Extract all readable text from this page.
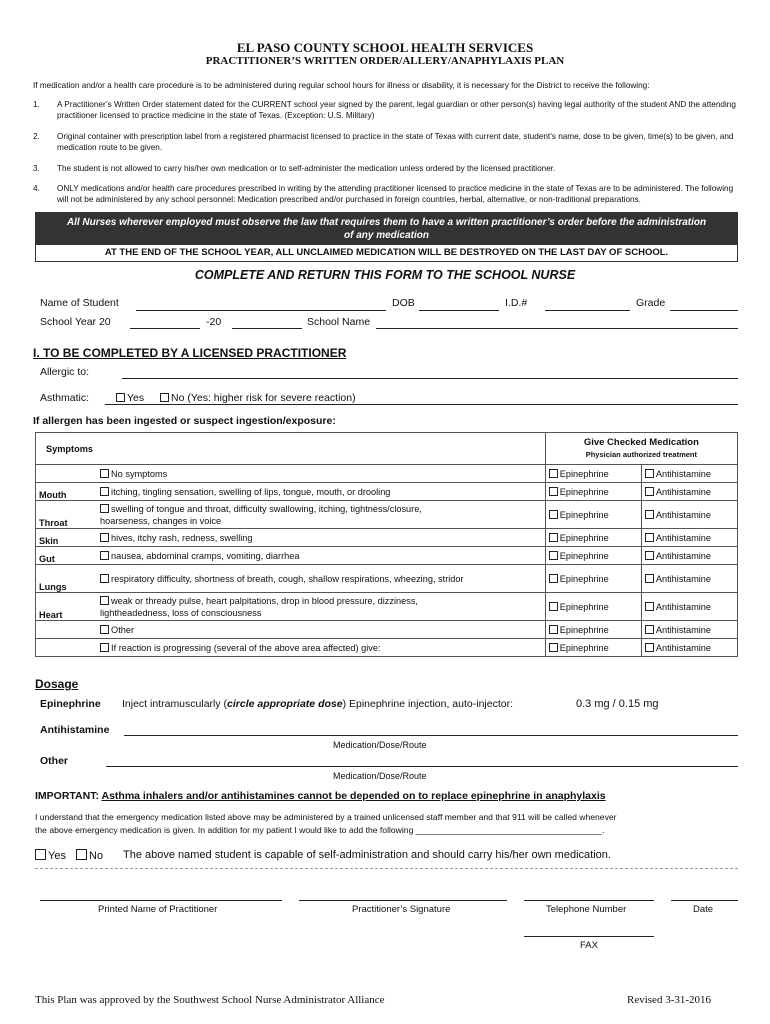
EL PASO COUNTY SCHOOL HEALTH SERVICES
PRACTITIONER’S WRITTEN ORDER/ALLERY/ANAPHYLAXIS PLAN
If medication and/or a health care procedure is to be administered during regular school hours for illness or disability, it is necessary for the District to receive the following:
1. A Practitioner’s Written Order statement dated for the CURRENT school year signed by the parent, legal guardian or other person(s) having legal authority of the student AND the attending practitioner licensed to practice medicine in the state of Texas. (Exception: U.S. Military)
2. Original container with prescription label from a registered pharmacist licensed to practice in the state of Texas with current date, student’s name, dose to be given, time(s) to be given, and medication route to be given.
3. The student is not allowed to carry his/her own medication or to self-administer the medication unless ordered by the licensed practitioner.
4. ONLY medications and/or health care procedures prescribed in writing by the attending practitioner licensed to practice medicine in the state of Texas are to be administered. The following will not be administered by any school personnel: Medication prescribed and/or purchased in foreign countries, herbal, alternative, or non-traditional preparations.
All Nurses wherever employed must observe the law that requires them to have a written practitioner’s order before the administration
of any medication
AT THE END OF THE SCHOOL YEAR, ALL UNCLAIMED MEDICATION WILL BE DESTROYED ON THE LAST DAY OF SCHOOL.
COMPLETE AND RETURN THIS FORM TO THE SCHOOL NURSE
Name of Student	DOB	I.D.#	Grade
School Year 20	-20	School Name
I. TO BE COMPLETED BY A LICENSED PRACTITIONER
Allergic to:
Asthmatic:	Yes	No (Yes: higher risk for severe reaction)
If allergen has been ingested or suspect ingestion/exposure:
Symptoms		Give Checked Medication
Physician authorized treatment	

	No symptoms	Epinephrine	Antihistamine
Mouth	itching, tingling sensation, swelling of lips, tongue, mouth, or drooling	Epinephrine	Antihistamine
Throat	swelling of tongue and throat, difficulty swallowing, itching, tightness/closure,
hoarseness, changes in voice	Epinephrine	Antihistamine
Skin	hives, itchy rash, redness, swelling	Epinephrine	Antihistamine
Gut	nausea, abdominal cramps, vomiting, diarrhea	Epinephrine	Antihistamine
Lungs	respiratory difficulty, shortness of breath, cough, shallow respirations, wheezing, stridor	Epinephrine	Antihistamine
Heart	weak or thready pulse, heart palpitations, drop in blood pressure, dizziness,
lightheadedness, loss of consciousness	Epinephrine	Antihistamine
	Other	Epinephrine	Antihistamine
	If reaction is progressing (several of the above area affected) give:	Epinephrine	Antihistamine
Dosage
Epinephrine Inject intramuscularly (circle appropriate dose) Epinephrine injection, auto-injector:	0.3 mg / 0.15 mg
Antihistamine
Medication/Dose/Route
Other
Medication/Dose/Route
IMPORTANT: Asthma inhalers and/or antihistamines cannot be depended on to replace epinephrine in anaphylaxis
I understand that the emergency medication listed above may be administered by a trained unlicensed staff member and that 911 will be called whenever
the above emergency medication is given. In addition for my patient I would like to add the following _______________________________________.
Yes	No The above named student is capable of self-administration and should carry his/her own medication.
Printed Name of Practitioner	Practitioner’s Signature	Telephone Number	Date
FAX
This Plan was approved by the Southwest School Nurse Administrator Alliance	Revised 3-31-2016
